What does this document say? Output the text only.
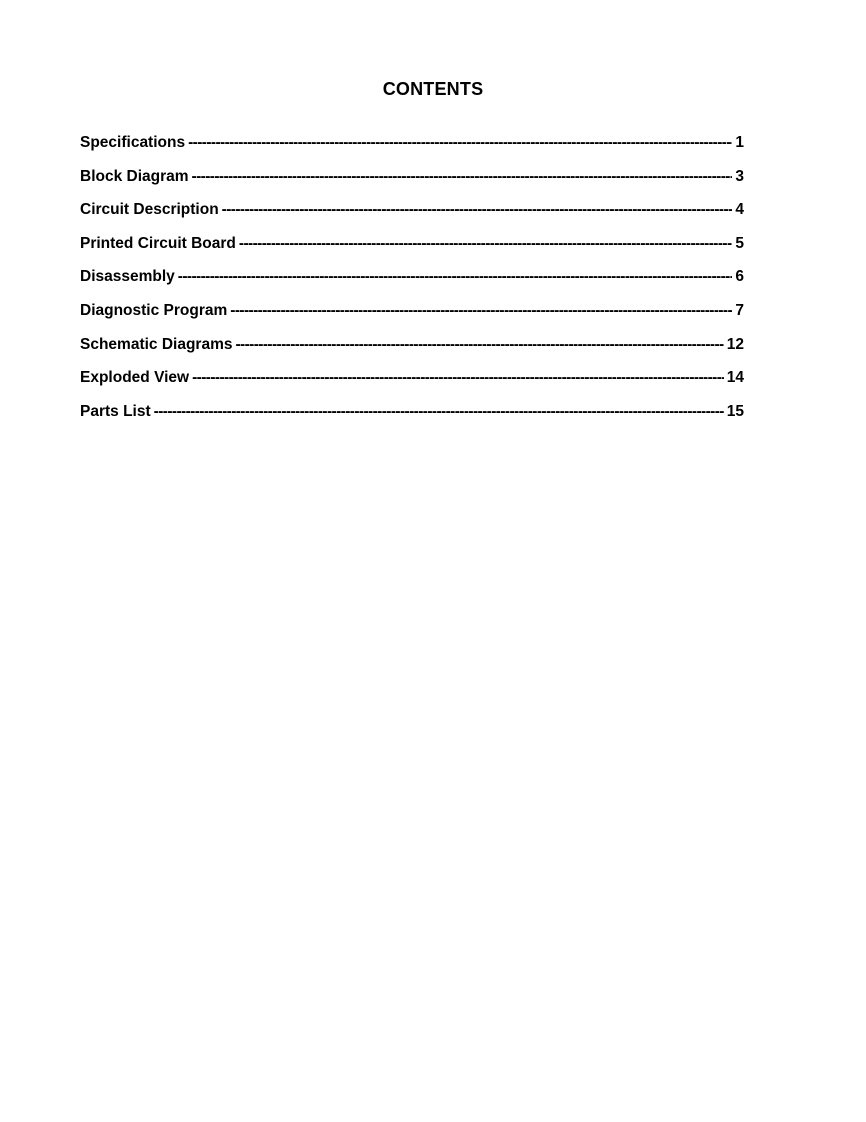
CONTENTS
Specifications -----	1
Block Diagram -----	3
Circuit Description -----	4
Printed Circuit Board -----	5
Disassembly -----	6
Diagnostic Program -----	7
Schematic Diagrams -----	12
Exploded View -----	14
Parts List -----	15
